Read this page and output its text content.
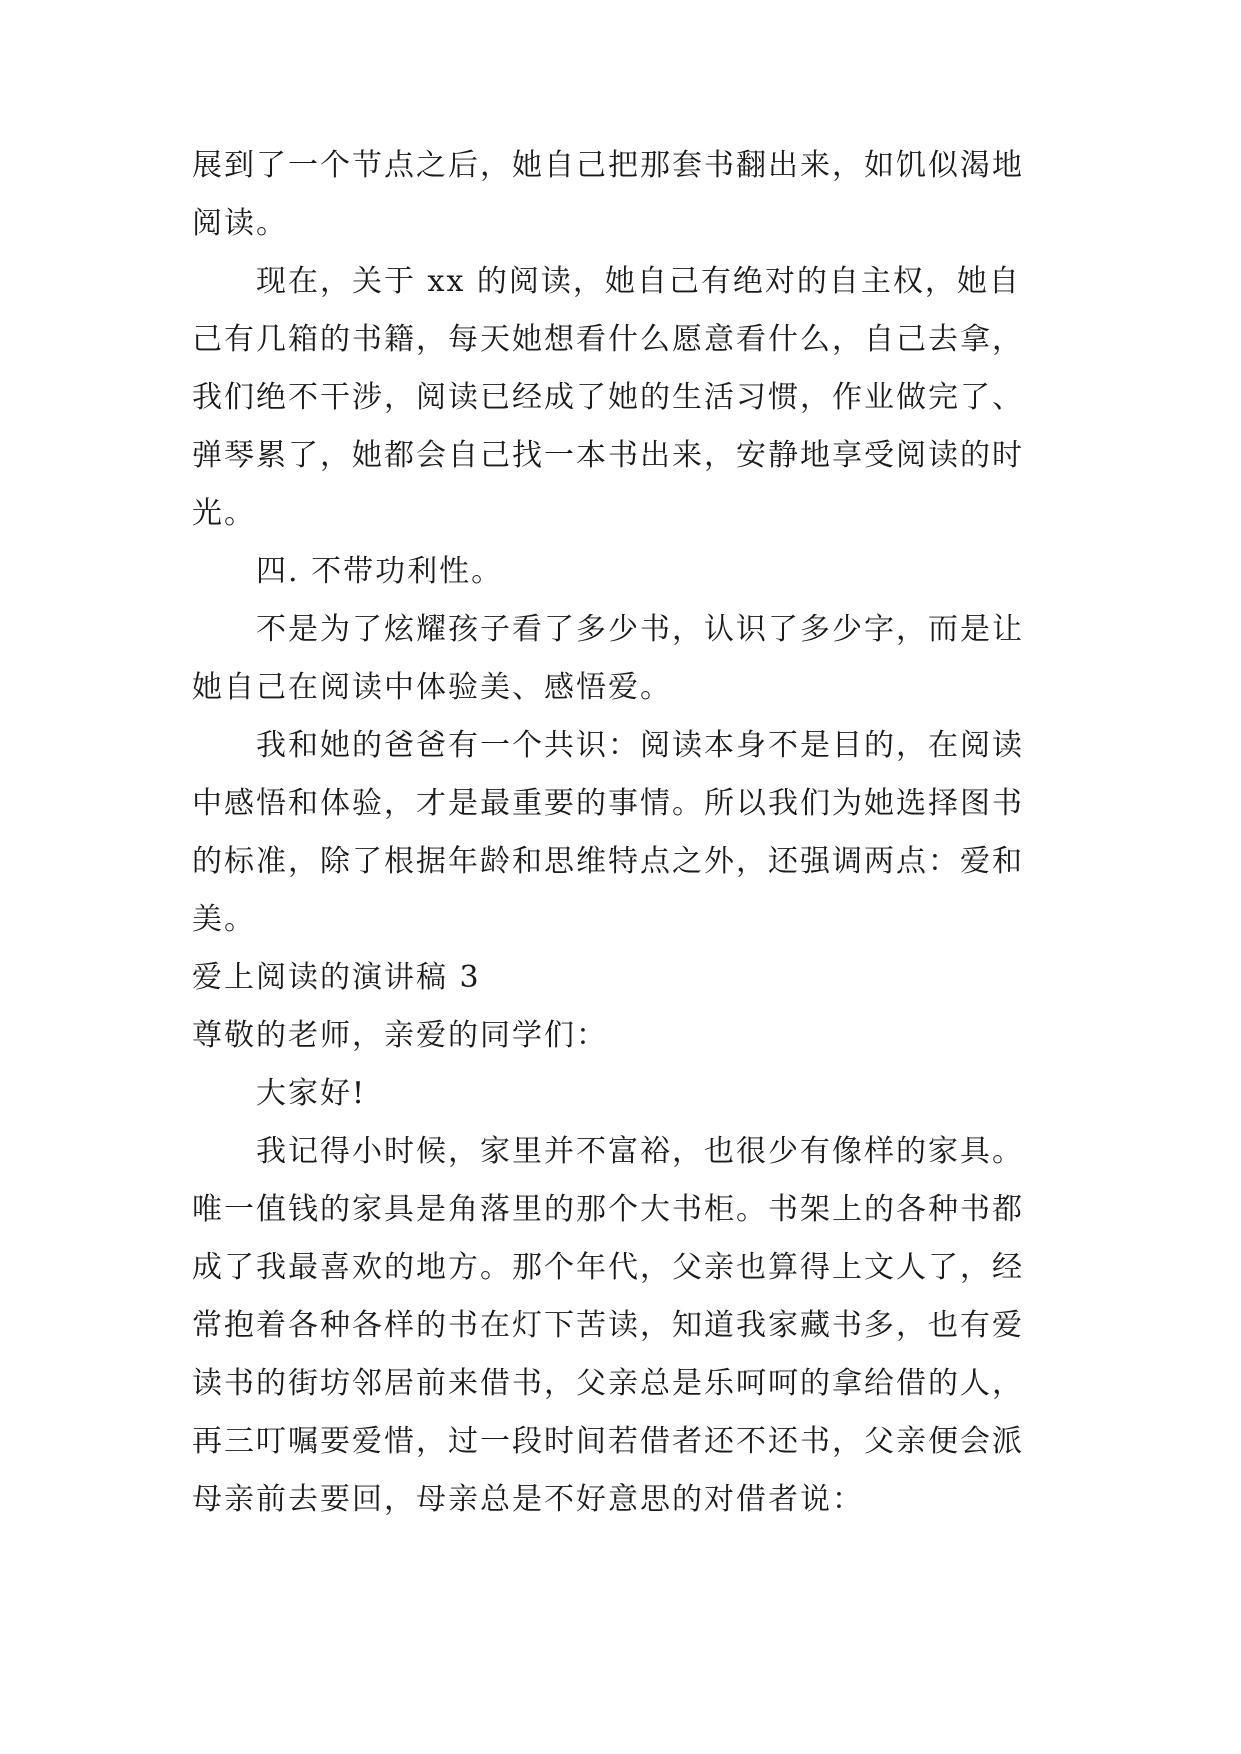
展到了一个节点之后，她自己把那套书翻出来，如饥似渴地
阅读。
现在，关于 xx 的阅读，她自己有绝对的自主权，她自
己有几箱的书籍，每天她想看什么愿意看什么，自己去拿，
我们绝不干涉，阅读已经成了她的生活习惯，作业做完了、
弹琴累了，她都会自己找一本书出来，安静地享受阅读的时
光。
四. 不带功利性。
不是为了炫耀孩子看了多少书，认识了多少字，而是让
她自己在阅读中体验美、感悟爱。
我和她的爸爸有一个共识：阅读本身不是目的，在阅读
中感悟和体验，才是最重要的事情。所以我们为她选择图书
的标准，除了根据年龄和思维特点之外，还强调两点：爱和
美。
爱上阅读的演讲稿 3
尊敬的老师，亲爱的同学们：
大家好!
我记得小时候，家里并不富裕，也很少有像样的家具。
唯一值钱的家具是角落里的那个大书柜。书架上的各种书都
成了我最喜欢的地方。那个年代，父亲也算得上文人了，经
常抱着各种各样的书在灯下苦读，知道我家藏书多，也有爱
读书的街坊邻居前来借书，父亲总是乐呵呵的拿给借的人，
再三叮嘱要爱惜，过一段时间若借者还不还书，父亲便会派
母亲前去要回，母亲总是不好意思的对借者说：
